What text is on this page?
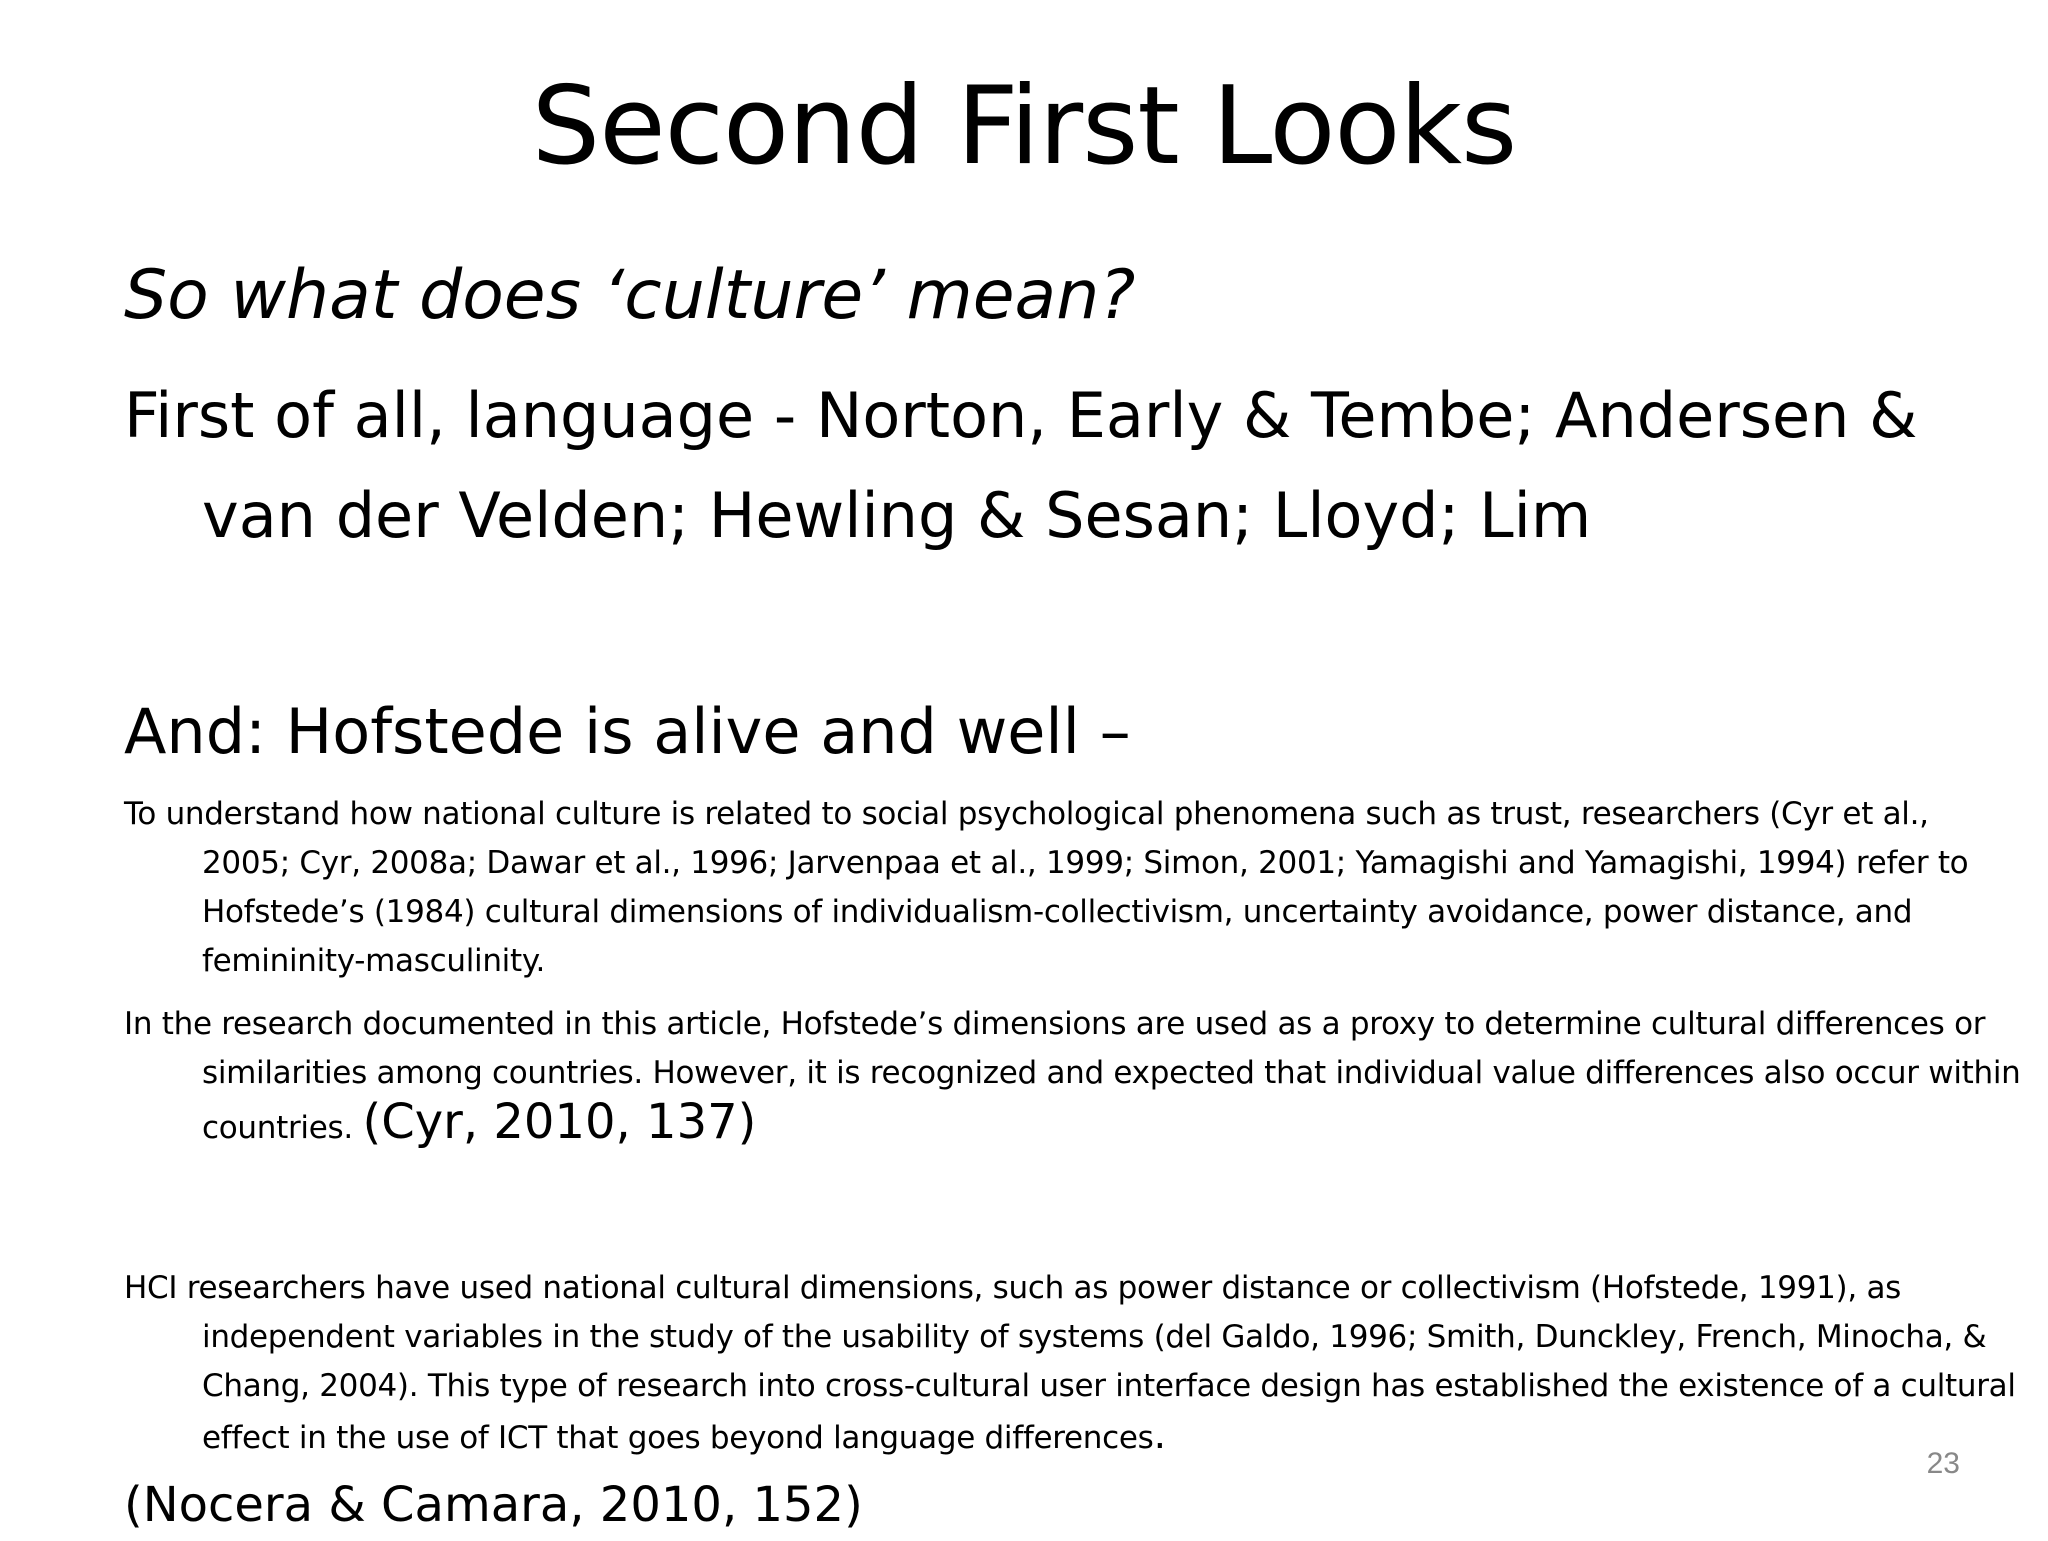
Second First Looks
So what does ‘culture’ mean?
First of all, language - Norton, Early & Tembe; Andersen & van der Velden; Hewling & Sesan; Lloyd; Lim
And: Hofstede is alive and well –
To understand how national culture is related to social psychological phenomena such as trust, researchers (Cyr et al., 2005; Cyr, 2008a; Dawar et al., 1996; Jarvenpaa et al., 1999; Simon, 2001; Yamagishi and Yamagishi, 1994) refer to Hofstede’s (1984) cultural dimensions of individualism-collectivism, uncertainty avoidance, power distance, and femininity-masculinity.
In the research documented in this article, Hofstede’s dimensions are used as a proxy to determine cultural differences or similarities among countries. However, it is recognized and expected that individual value differences also occur within countries. (Cyr, 2010, 137)
HCI researchers have used national cultural dimensions, such as power distance or collectivism (Hofstede, 1991), as independent variables in the study of the usability of systems (del Galdo, 1996; Smith, Dunckley, French, Minocha, & Chang, 2004). This type of research into cross-cultural user interface design has established the existence of a cultural effect in the use of ICT that goes beyond language differences.
(Nocera & Camara, 2010, 152)
23
